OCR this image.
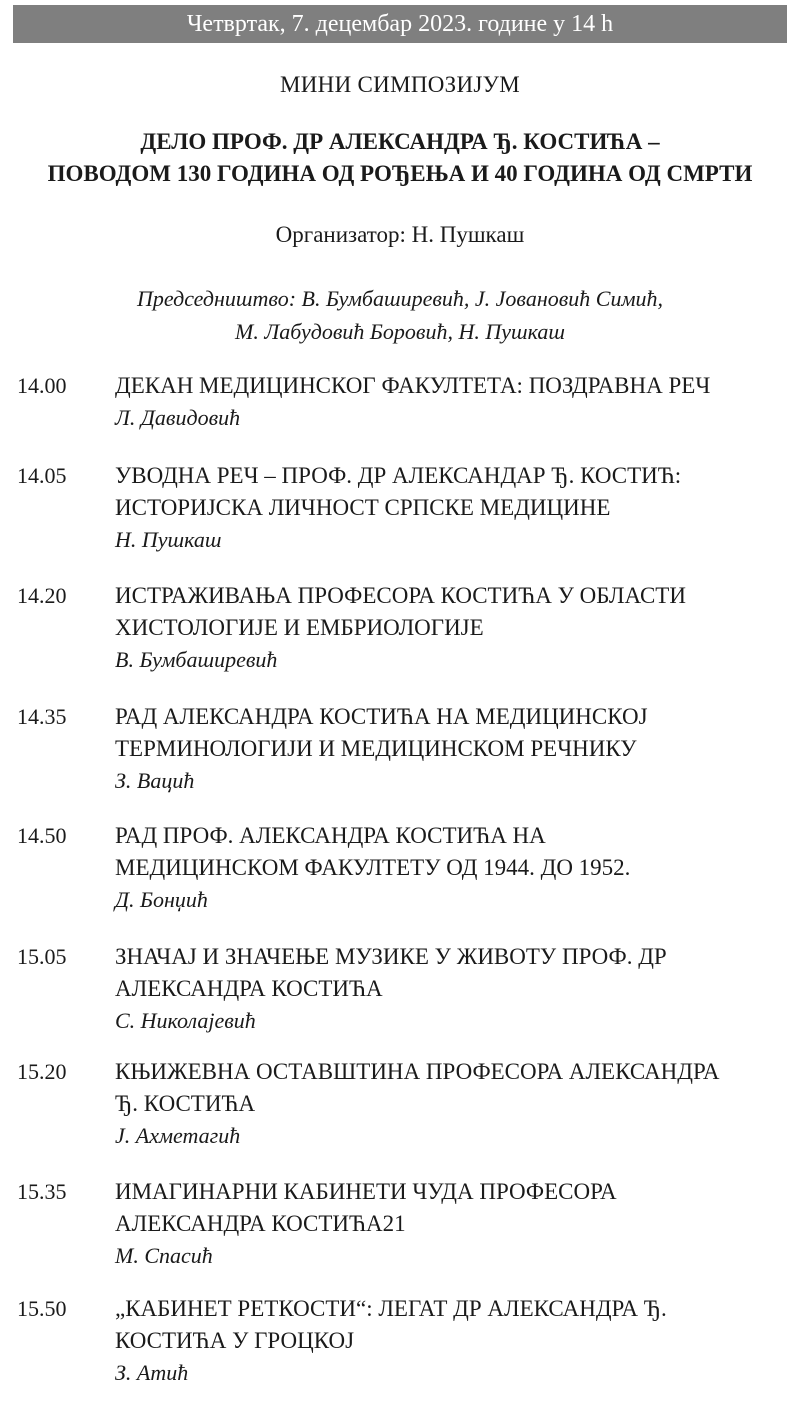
Четвртак, 7. децембар 2023. године у 14 h
МИНИ СИМПОЗИЈУМ
ДЕЛО ПРОФ. ДР АЛЕКСАНДРА Ђ. КОСТИЋА –
ПОВОДОМ 130 ГОДИНА ОД РОЂЕЊА И 40 ГОДИНА ОД СМРТИ
Организатор: Н. Пушкаш
Председништво: В. Бумбаширевић, Ј. Јовановић Симић,
М. Лабудовић Боровић, Н. Пушкаш
14.00 ДЕКАН МЕДИЦИНСКОГ ФАКУЛТЕТА: ПОЗДРАВНА РЕЧ
Л. Давидовић
14.05 УВОДНА РЕЧ – ПРОФ. ДР АЛЕКСАНДАР Ђ. КОСТИЋ:
ИСТОРИЈСКА ЛИЧНОСТ СРПСКЕ МЕДИЦИНЕ
Н. Пушкаш
14.20 ИСТРАЖИВАЊА ПРОФЕСОРА КОСТИЋА У ОБЛАСТИ
ХИСТОЛОГИЈЕ И ЕМБРИОЛОГИЈЕ
В. Бумбаширевић
14.35 РАД АЛЕКСАНДРА КОСТИЋА НА МЕДИЦИНСКОЈ
ТЕРМИНОЛОГИЈИ И МЕДИЦИНСКОМ РЕЧНИКУ
З. Вацић
14.50 РАД ПРОФ. АЛЕКСАНДРА КОСТИЋА НА
МЕДИЦИНСКОМ ФАКУЛТЕТУ ОД 1944. ДО 1952.
Д. Бонџић
15.05 ЗНАЧАЈ И ЗНАЧЕЊЕ МУЗИКЕ У ЖИВОТУ ПРОФ. ДР
АЛЕКСАНДРА КОСТИЋА
С. Николајевић
15.20 КЊИЖЕВНА ОСТАВШТИНА ПРОФЕСОРА АЛЕКСАНДРА
Ђ. КОСТИЋА
Ј. Ахметагић
15.35 ИМАГИНАРНИ КАБИНЕТИ ЧУДА ПРОФЕСОРА
АЛЕКСАНДРА КОСТИЋА21
М. Спасић
15.50 „КАБИНЕТ РЕТКОСТИ“: ЛЕГАТ ДР АЛЕКСАНДРА Ђ.
КОСТИЋА У ГРОЦКОЈ
З. Атић
